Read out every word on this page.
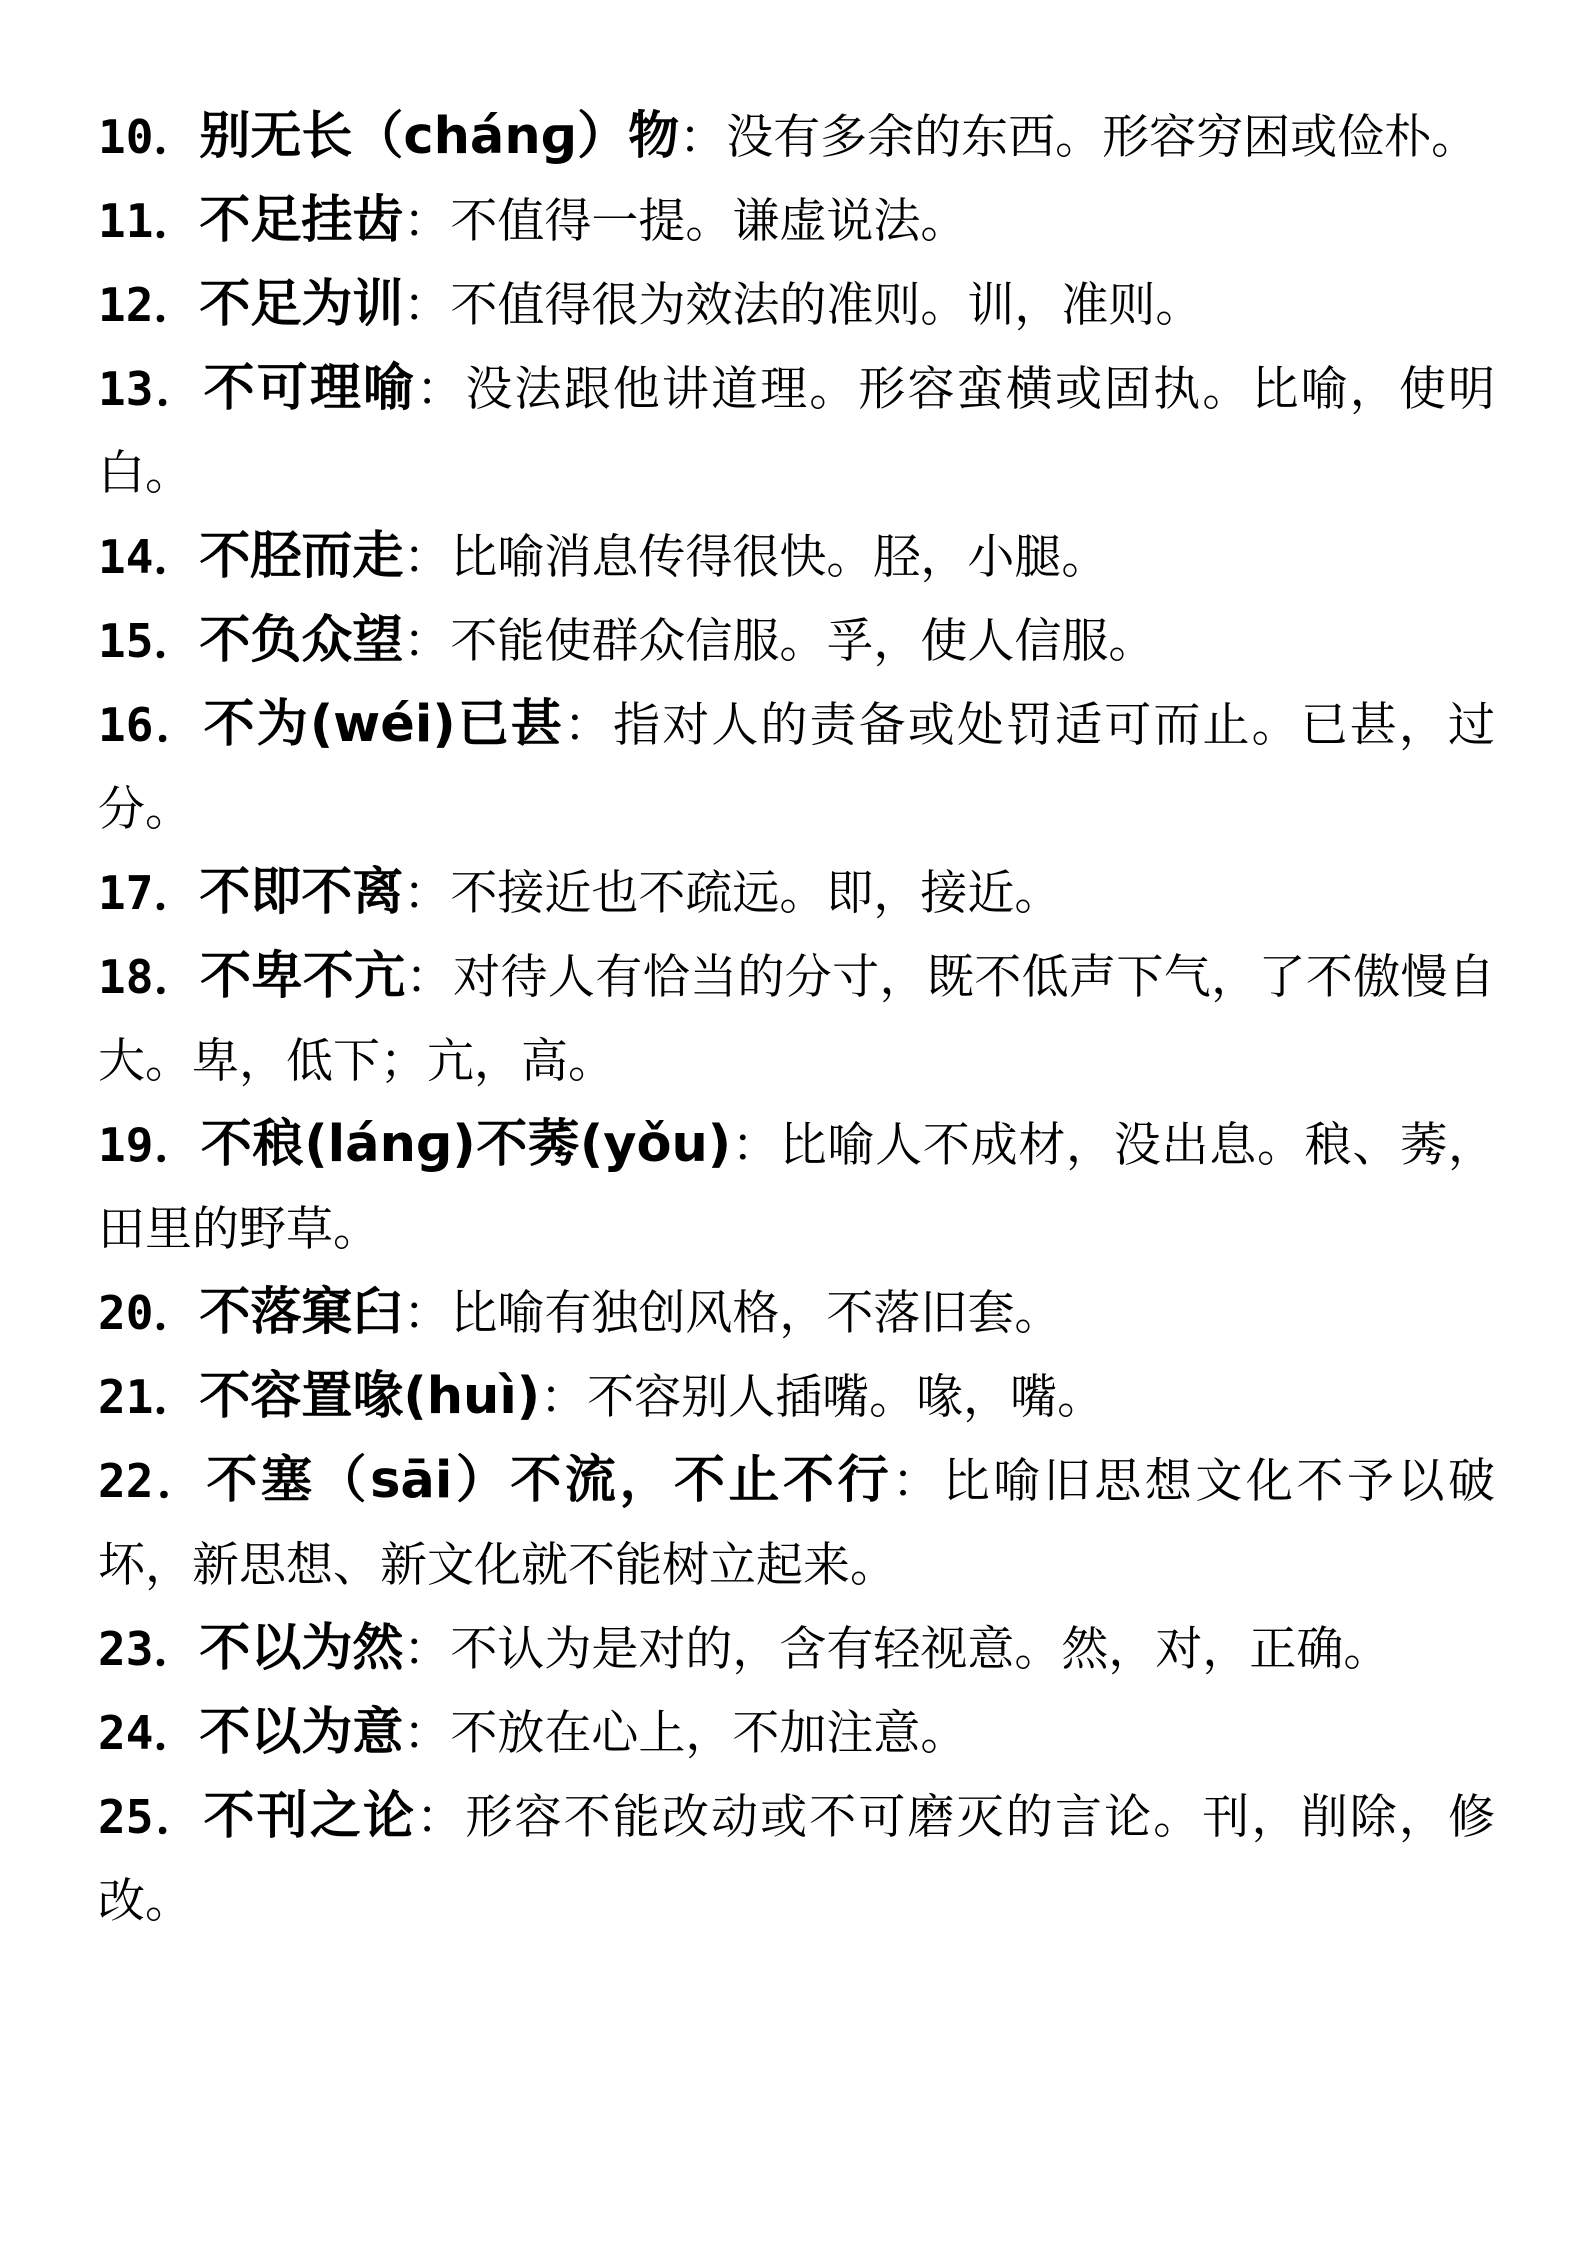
10．别无长（chánɡ）物：没有多余的东西。形容穷困或俭朴。

11．不足挂齿：不值得一提。谦虚说法。

12．不足为训：不值得很为效法的准则。训，准则。

13．不可理喻：没法跟他讲道理。形容蛮横或固执。比喻，使明白。

14．不胫而走：比喻消息传得很快。胫，小腿。

15．不负众望：不能使群众信服。孚，使人信服。

16．不为(wéi)已甚：指对人的责备或处罚适可而止。已甚，过分。

17．不即不离：不接近也不疏远。即，接近。

18．不卑不亢：对待人有恰当的分寸，既不低声下气，了不傲慢自大。卑，低下；亢，高。

19．不稂(lánɡ)不莠(yǒu)：比喻人不成材，没出息。稂、莠，田里的野草。

20．不落窠臼：比喻有独创风格，不落旧套。

21．不容置喙(huì)：不容别人插嘴。喙，嘴。

22．不塞（sāi）不流，不止不行：比喻旧思想文化不予以破坏，新思想、新文化就不能树立起来。

23．不以为然：不认为是对的，含有轻视意。然，对，正确。

24．不以为意：不放在心上，不加注意。

25．不刊之论：形容不能改动或不可磨灭的言论。刊，削除，修改。
